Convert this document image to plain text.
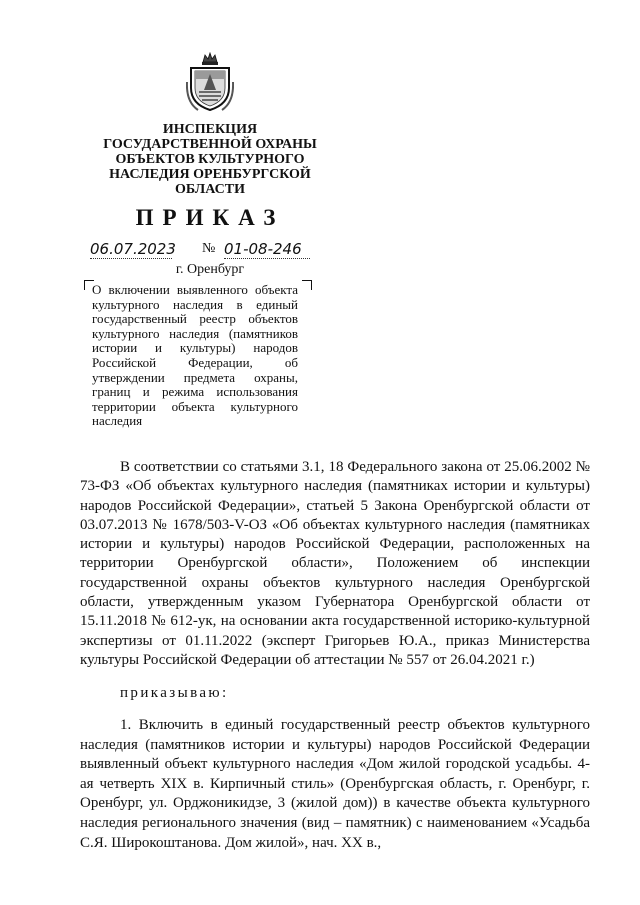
ИНСПЕКЦИЯ
ГОСУДАРСТВЕННОЙ ОХРАНЫ
ОБЪЕКТОВ КУЛЬТУРНОГО
НАСЛЕДИЯ ОРЕНБУРГСКОЙ
ОБЛАСТИ
ПРИКАЗ
06.07.2023 № 01-08-246
г. Оренбург
О включении выявленного объекта культурного наследия в единый государственный реестр объектов культурного наследия (памятников истории и культуры) народов Российской Федерации, об утверждении предмета охраны, границ и режима использования территории объекта культурного наследия
В соответствии со статьями 3.1, 18 Федерального закона от 25.06.2002 № 73-ФЗ «Об объектах культурного наследия (памятниках истории и культуры) народов Российской Федерации», статьей 5 Закона Оренбургской области от 03.07.2013 № 1678/503-V-ОЗ «Об объектах культурного наследия (памятниках истории и культуры) народов Российской Федерации, расположенных на территории Оренбургской области», Положением об инспекции государственной охраны объектов культурного наследия Оренбургской области, утвержденным указом Губернатора Оренбургской области от 15.11.2018 № 612-ук, на основании акта государственной историко-культурной экспертизы от 01.11.2022 (эксперт Григорьев Ю.А., приказ Министерства культуры Российской Федерации об аттестации № 557 от 26.04.2021 г.)
приказываю:
1. Включить в единый государственный реестр объектов культурного наследия (памятников истории и культуры) народов Российской Федерации выявленный объект культурного наследия «Дом жилой городской усадьбы. 4-ая четверть XIX в. Кирпичный стиль» (Оренбургская область, г. Оренбург, г. Оренбург, ул. Орджоникидзе, 3 (жилой дом)) в качестве объекта культурного наследия регионального значения (вид – памятник) с наименованием «Усадьба С.Я. Широкоштанова. Дом жилой», нач. XX в.,
